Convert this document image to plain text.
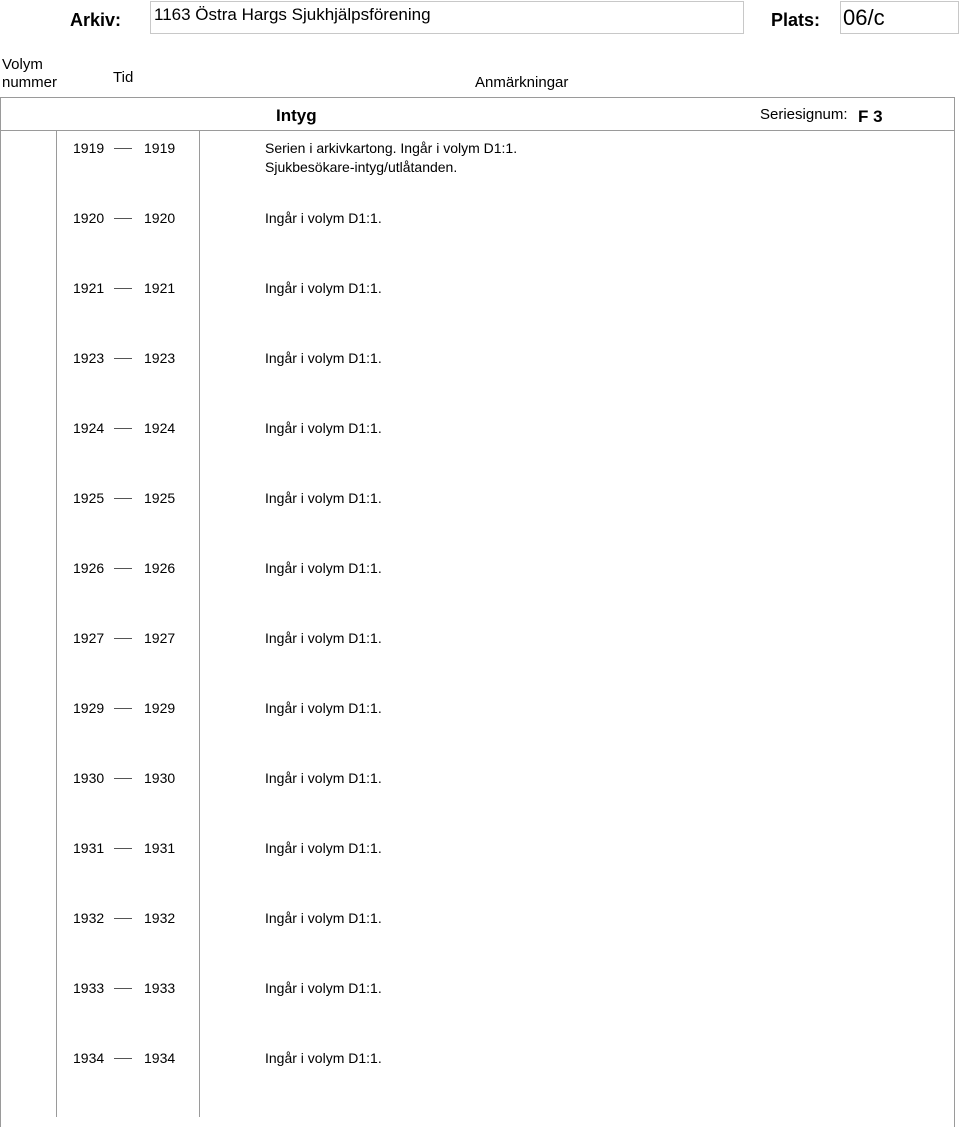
Arkiv: 1163 Östra Hargs Sjukhjälpsförening	Plats: 06/c
Volym
nummer	Tid	Anmärkningar
Intyg	Seriesignum: F 3
1919	1919	Serien i arkivkartong. Ingår i volym D1:1.
Sjukbesökare-intyg/utlåtanden.
1920	1920	Ingår i volym D1:1.
1921	1921	Ingår i volym D1:1.
1923	1923	Ingår i volym D1:1.
1924	1924	Ingår i volym D1:1.
1925	1925	Ingår i volym D1:1.
1926	1926	Ingår i volym D1:1.
1927	1927	Ingår i volym D1:1.
1929	1929	Ingår i volym D1:1.
1930	1930	Ingår i volym D1:1.
1931	1931	Ingår i volym D1:1.
1932	1932	Ingår i volym D1:1.
1933	1933	Ingår i volym D1:1.
1934	1934	Ingår i volym D1:1.
